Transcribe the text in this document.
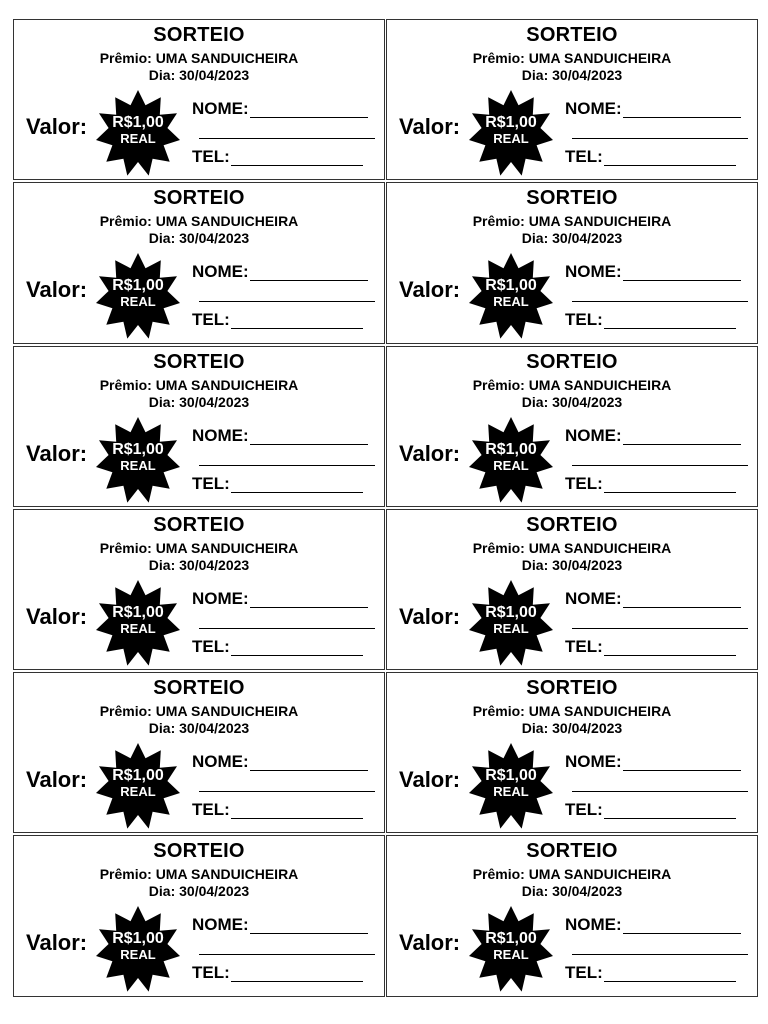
SORTEIO
Prêmio: UMA SANDUICHEIRA
Dia: 30/04/2023
Valor:	R$1,00
REAL
NOME:
TEL:
SORTEIO
Prêmio: UMA SANDUICHEIRA
Dia: 30/04/2023
Valor:	R$1,00
REAL
NOME:
TEL:
SORTEIO
Prêmio: UMA SANDUICHEIRA
Dia: 30/04/2023
Valor:	R$1,00
REAL
NOME:
TEL:
SORTEIO
Prêmio: UMA SANDUICHEIRA
Dia: 30/04/2023
Valor:	R$1,00
REAL
NOME:
TEL:
SORTEIO
Prêmio: UMA SANDUICHEIRA
Dia: 30/04/2023
Valor:	R$1,00
REAL
NOME:
TEL:
SORTEIO
Prêmio: UMA SANDUICHEIRA
Dia: 30/04/2023
Valor:	R$1,00
REAL
NOME:
TEL:
SORTEIO
Prêmio: UMA SANDUICHEIRA
Dia: 30/04/2023
Valor:	R$1,00
REAL
NOME:
TEL:
SORTEIO
Prêmio: UMA SANDUICHEIRA
Dia: 30/04/2023
Valor:	R$1,00
REAL
NOME:
TEL:
SORTEIO
Prêmio: UMA SANDUICHEIRA
Dia: 30/04/2023
Valor:	R$1,00
REAL
NOME:
TEL:
SORTEIO
Prêmio: UMA SANDUICHEIRA
Dia: 30/04/2023
Valor:	R$1,00
REAL
NOME:
TEL:
SORTEIO
Prêmio: UMA SANDUICHEIRA
Dia: 30/04/2023
Valor:	R$1,00
REAL
NOME:
TEL:
SORTEIO
Prêmio: UMA SANDUICHEIRA
Dia: 30/04/2023
Valor:	R$1,00
REAL
NOME:
TEL:
